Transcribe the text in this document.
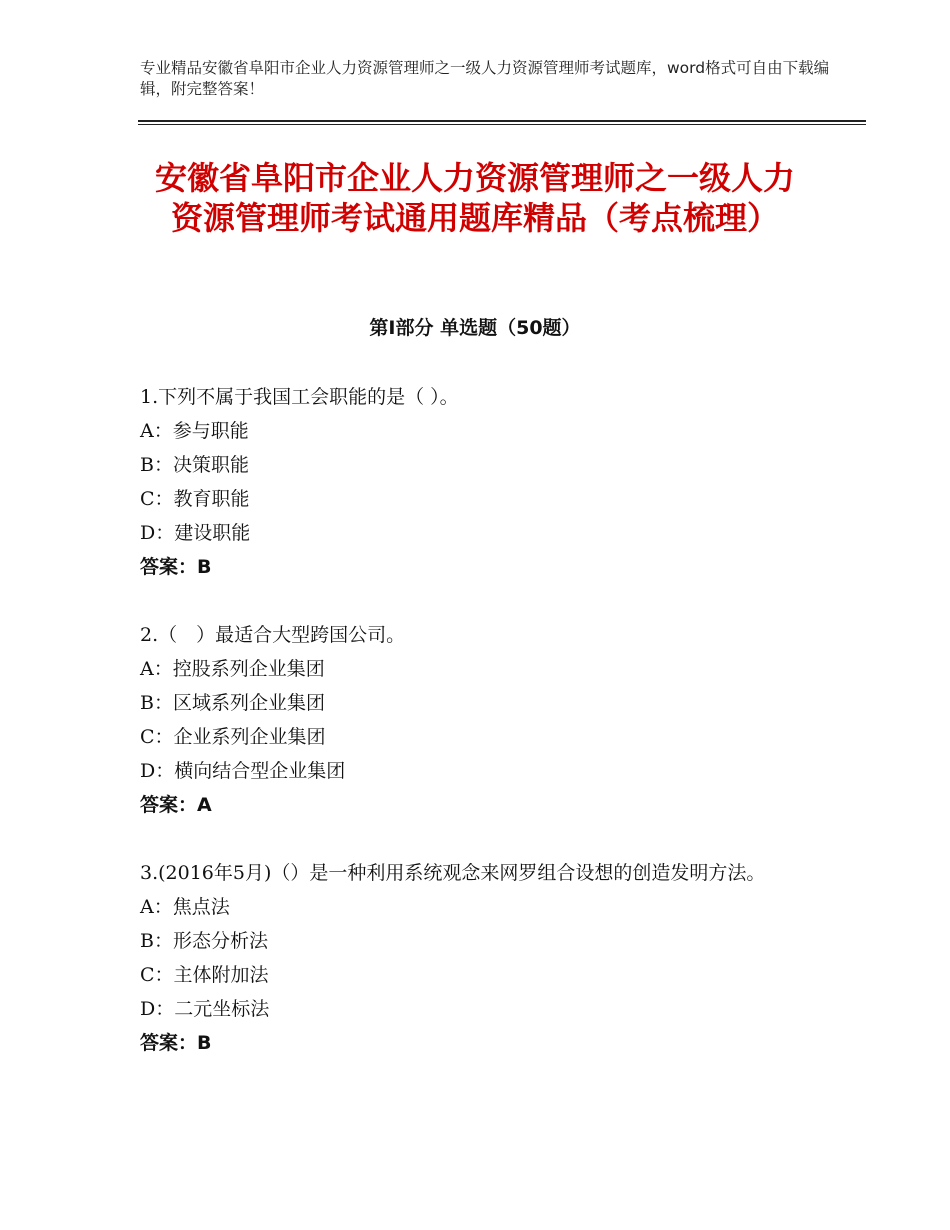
专业精品安徽省阜阳市企业人力资源管理师之一级人力资源管理师考试题库，word格式可自由下载编辑，附完整答案！
安徽省阜阳市企业人力资源管理师之一级人力资源管理师考试通用题库精品（考点梳理）
第Ⅰ部分 单选题（50题）
1.下列不属于我国工会职能的是（ ）。
A：参与职能
B：决策职能
C：教育职能
D：建设职能
答案：B
2.（　）最适合大型跨国公司。
A：控股系列企业集团
B：区域系列企业集团
C：企业系列企业集团
D：横向结合型企业集团
答案：A
3.(2016年5月)（）是一种利用系统观念来网罗组合设想的创造发明方法。
A：焦点法
B：形态分析法
C：主体附加法
D：二元坐标法
答案：B
